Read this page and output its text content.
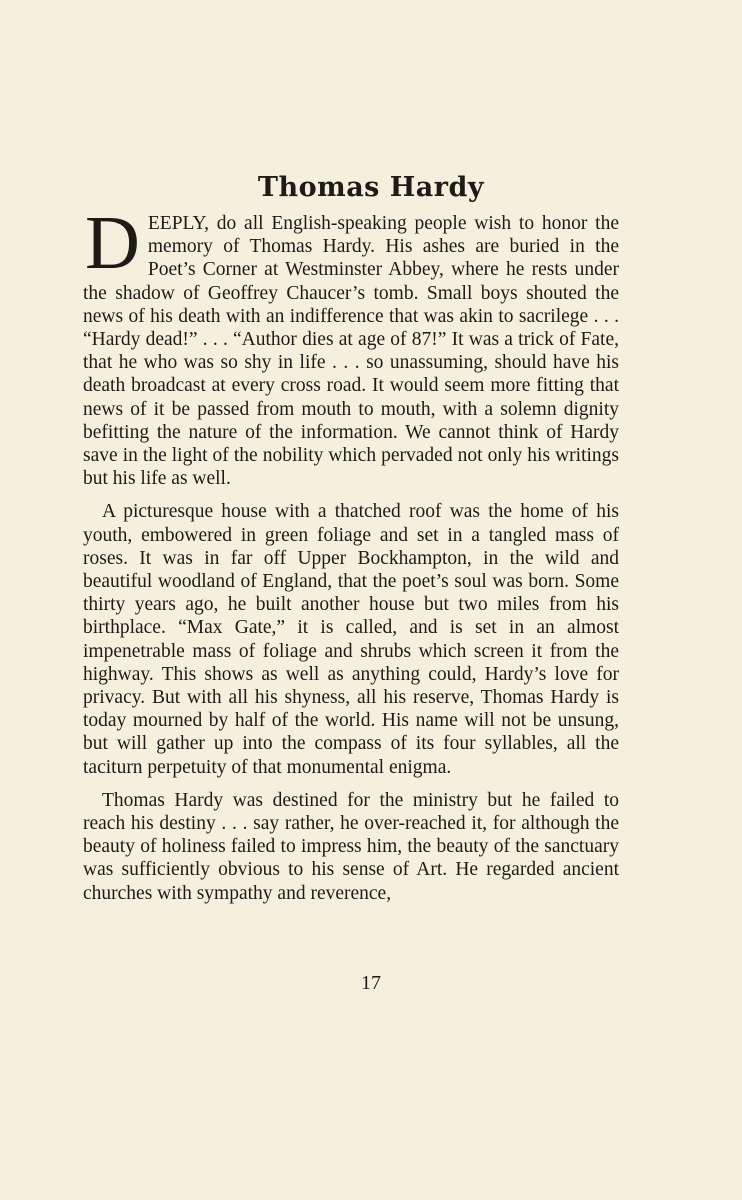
Thomas Hardy

DEEPLY, do all English-speaking people wish to honor the memory of Thomas Hardy. His ashes are buried in the Poet’s Corner at Westminster Abbey, where he rests under the shadow of Geoffrey Chaucer’s tomb. Small boys shouted the news of his death with an indifference that was akin to sacrilege . . . “Hardy dead!” . . . “Author dies at age of 87!” It was a trick of Fate, that he who was so shy in life . . . so unassuming, should have his death broadcast at every cross road. It would seem more fitting that news of it be passed from mouth to mouth, with a solemn dignity befitting the nature of the information. We cannot think of Hardy save in the light of the nobility which pervaded not only his writings but his life as well.

A picturesque house with a thatched roof was the home of his youth, embowered in green foliage and set in a tangled mass of roses. It was in far off Upper Bockhampton, in the wild and beautiful woodland of England, that the poet’s soul was born. Some thirty years ago, he built another house but two miles from his birthplace. “Max Gate,” it is called, and is set in an almost impenetrable mass of foliage and shrubs which screen it from the highway. This shows as well as anything could, Hardy’s love for privacy. But with all his shyness, all his reserve, Thomas Hardy is today mourned by half of the world. His name will not be unsung, but will gather up into the compass of its four syllables, all the taciturn perpetuity of that monumental enigma.

Thomas Hardy was destined for the ministry but he failed to reach his destiny . . . say rather, he over-reached it, for although the beauty of holiness failed to impress him, the beauty of the sanctuary was sufficiently obvious to his sense of Art. He regarded ancient churches with sympathy and reverence,

17
